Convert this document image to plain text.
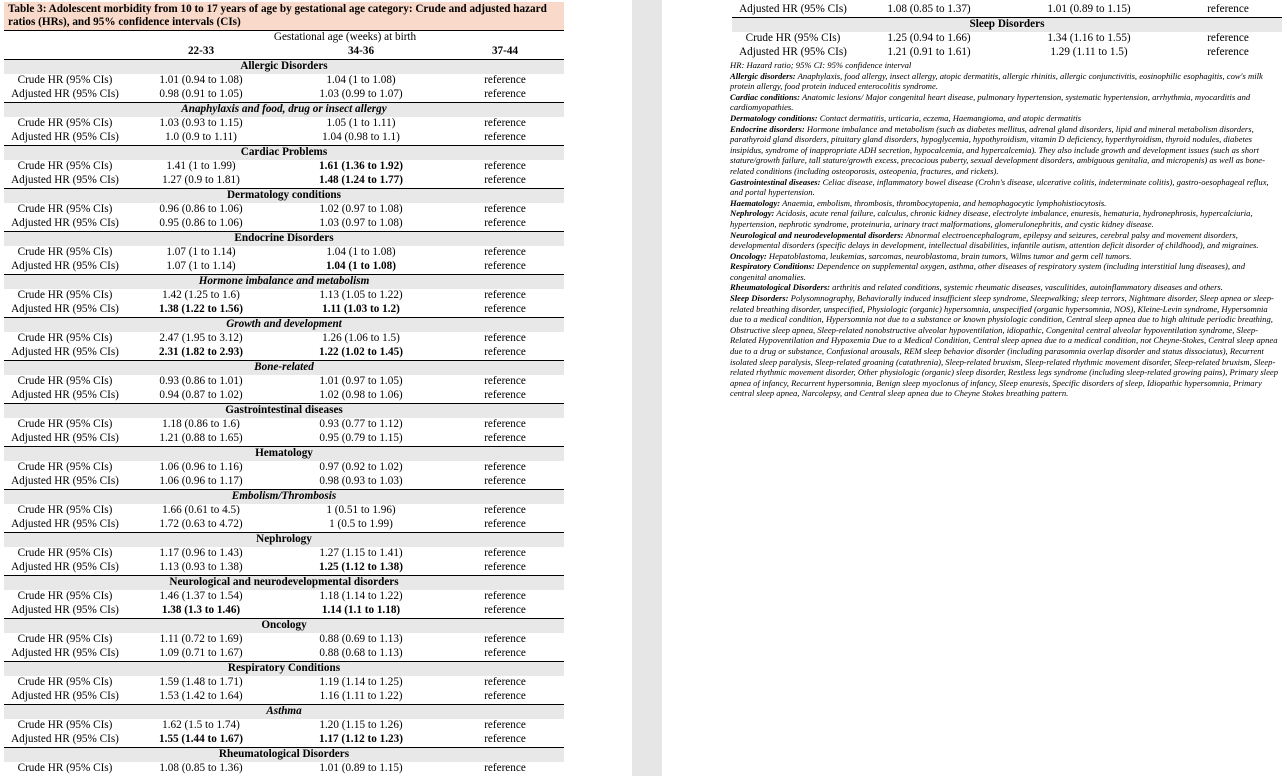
Table 3: Adolescent morbidity from 10 to 17 years of age by gestational age category: Crude and adjusted hazard ratios (HRs), and 95% confidence intervals (CIs)
	Gestational age (weeks) at birth		
	22-33	34-36	37-44
Allergic Disorders			
Crude HR (95% CIs)	1.01 (0.94 to 1.08)	1.04 (1 to 1.08)	reference
Adjusted HR (95% CIs)	0.98 (0.91 to 1.05)	1.03 (0.99 to 1.07)	reference
Anaphylaxis and food, drug or insect allergy			
Crude HR (95% CIs)	1.03 (0.93 to 1.15)	1.05 (1 to 1.11)	reference
Adjusted HR (95% CIs)	1.0 (0.9 to 1.11)	1.04 (0.98 to 1.1)	reference
Cardiac Problems			
Crude HR (95% CIs)	1.41 (1 to 1.99)	1.61 (1.36 to 1.92)	reference
Adjusted HR (95% CIs)	1.27 (0.9 to 1.81)	1.48 (1.24 to 1.77)	reference
Dermatology conditions			
Crude HR (95% CIs)	0.96 (0.86 to 1.06)	1.02 (0.97 to 1.08)	reference
Adjusted HR (95% CIs)	0.95 (0.86 to 1.06)	1.03 (0.97 to 1.08)	reference
Endocrine Disorders			
Crude HR (95% CIs)	1.07 (1 to 1.14)	1.04 (1 to 1.08)	reference
Adjusted HR (95% CIs)	1.07 (1 to 1.14)	1.04 (1 to 1.08)	reference
Hormone imbalance and metabolism			
Crude HR (95% CIs)	1.42 (1.25 to 1.6)	1.13 (1.05 to 1.22)	reference
Adjusted HR (95% CIs)	1.38 (1.22 to 1.56)	1.11 (1.03 to 1.2)	reference
Growth and development			
Crude HR (95% CIs)	2.47 (1.95 to 3.12)	1.26 (1.06 to 1.5)	reference
Adjusted HR (95% CIs)	2.31 (1.82 to 2.93)	1.22 (1.02 to 1.45)	reference
Bone-related			
Crude HR (95% CIs)	0.93 (0.86 to 1.01)	1.01 (0.97 to 1.05)	reference
Adjusted HR (95% CIs)	0.94 (0.87 to 1.02)	1.02 (0.98 to 1.06)	reference
Gastrointestinal diseases			
Crude HR (95% CIs)	1.18 (0.86 to 1.6)	0.93 (0.77 to 1.12)	reference
Adjusted HR (95% CIs)	1.21 (0.88 to 1.65)	0.95 (0.79 to 1.15)	reference
Hematology			
Crude HR (95% CIs)	1.06 (0.96 to 1.16)	0.97 (0.92 to 1.02)	reference
Adjusted HR (95% CIs)	1.06 (0.96 to 1.17)	0.98 (0.93 to 1.03)	reference
Embolism/Thrombosis			
Crude HR (95% CIs)	1.66 (0.61 to 4.5)	1 (0.51 to 1.96)	reference
Adjusted HR (95% CIs)	1.72 (0.63 to 4.72)	1 (0.5 to 1.99)	reference
Nephrology			
Crude HR (95% CIs)	1.17 (0.96 to 1.43)	1.27 (1.15 to 1.41)	reference
Adjusted HR (95% CIs)	1.13 (0.93 to 1.38)	1.25 (1.12 to 1.38)	reference
Neurological and neurodevelopmental disorders			
Crude HR (95% CIs)	1.46 (1.37 to 1.54)	1.18 (1.14 to 1.22)	reference
Adjusted HR (95% CIs)	1.38 (1.3 to 1.46)	1.14 (1.1 to 1.18)	reference
Oncology			
Crude HR (95% CIs)	1.11 (0.72 to 1.69)	0.88 (0.69 to 1.13)	reference
Adjusted HR (95% CIs)	1.09 (0.71 to 1.67)	0.88 (0.68 to 1.13)	reference
Respiratory Conditions			
Crude HR (95% CIs)	1.59 (1.48 to 1.71)	1.19 (1.14 to 1.25)	reference
Adjusted HR (95% CIs)	1.53 (1.42 to 1.64)	1.16 (1.11 to 1.22)	reference
Asthma			
Crude HR (95% CIs)	1.62 (1.5 to 1.74)	1.20 (1.15 to 1.26)	reference
Adjusted HR (95% CIs)	1.55 (1.44 to 1.67)	1.17 (1.12 to 1.23)	reference
Rheumatological Disorders			
Crude HR (95% CIs)	1.08 (0.85 to 1.36)	1.01 (0.89 to 1.15)	reference
Adjusted HR (95% CIs)	1.08 (0.85 to 1.37)	1.01 (0.89 to 1.15)	reference
Sleep Disorders			
Crude HR (95% CIs)	1.25 (0.94 to 1.66)	1.34 (1.16 to 1.55)	reference
Adjusted HR (95% CIs)	1.21 (0.91 to 1.61)	1.29 (1.11 to 1.5)	reference

HR: Hazard ratio; 95% CI: 95% confidence interval

Allergic disorders: Anaphylaxis, food allergy, insect allergy, atopic dermatitis, allergic rhinitis, allergic conjunctivitis, eosinophilic esophagitis, cow's milk protein allergy, food protein induced enterocolitis syndrome.

Cardiac conditions: Anatomic lesions/ Major congenital heart disease, pulmonary hypertension, systematic hypertension, arrhythmia, myocarditis and cardiomyopathies.

Dermatology conditions: Contact dermatitis, urticaria, eczema, Haemangioma, and atopic dermatitis

Endocrine disorders: Hormone imbalance and metabolism (such as diabetes mellitus, adrenal gland disorders, lipid and mineral metabolism disorders, parathyroid gland disorders, pituitary gland disorders, hypoglycemia, hypothyroidism, vitamin D deficiency, hyperthyroidism, thyroid nodules, diabetes insipidus, syndrome of inappropriate ADH secretion, hypocalcemia, and hypercalcemia). They also include growth and development issues (such as short stature/growth failure, tall stature/growth excess, precocious puberty, sexual development disorders, ambiguous genitalia, and micropenis) as well as bone-related conditions (including osteoporosis, osteopenia, fractures, and rickets).

Gastrointestinal diseases: Celiac disease, inflammatory bowel disease (Crohn's disease, ulcerative colitis, indeterminate colitis), gastro-oesophageal reflux, and portal hypertension.

Haematology: Anaemia, embolism, thrombosis, thrombocytopenia, and hemophagocytic lymphohistiocytosis.

Nephrology: Acidosis, acute renal failure, calculus, chronic kidney disease, electrolyte imbalance, enuresis, hematuria, hydronephrosis, hypercalciuria, hypertension, nephrotic syndrome, proteinuria, urinary tract malformations, glomerulonephritis, and cystic kidney disease.

Neurological and neurodevelopmental disorders: Abnormal electroencephalogram, epilepsy and seizures, cerebral palsy and movement disorders, developmental disorders (specific delays in development, intellectual disabilities, infantile autism, attention deficit disorder of childhood), and migraines.

Oncology: Hepatoblastoma, leukemias, sarcomas, neuroblastoma, brain tumors, Wilms tumor and germ cell tumors.

Respiratory Conditions: Dependence on supplemental oxygen, asthma, other diseases of respiratory system (including interstitial lung diseases), and congenital anomalies.

Rheumatological Disorders: arthritis and related conditions, systemic rheumatic diseases, vasculitides, autoinflammatory diseases and others.

Sleep Disorders: Polysomnography, Behaviorally induced insufficient sleep syndrome, Sleepwalking; sleep terrors, Nightmare disorder, Sleep apnea or sleep-related breathing disorder, unspecified, Physiologic (organic) hypersomnia, unspecified (organic hypersomnia, NOS), Kleine-Levin syndrome, Hypersomnia due to a medical condition, Hypersomnia not due to a substance or known physiologic condition, Central sleep apnea due to high altitude periodic breathing, Obstructive sleep apnea, Sleep-related nonobstructive alveolar hypoventilation, idiopathic, Congenital central alveolar hypoventilation syndrome, Sleep-Related Hypoventilation and Hypoxemia Due to a Medical Condition, Central sleep apnea due to a medical condition, not Cheyne-Stokes, Central sleep apnea due to a drug or substance, Confusional arousals, REM sleep behavior disorder (including parasomnia overlap disorder and status dissociatus), Recurrent isolated sleep paralysis, Sleep-related groaning (catathrenia), Sleep-related bruxism, Sleep-related rhythmic movement disorder, Sleep-related bruxism, Sleep-related rhythmic movement disorder, Other physiologic (organic) sleep disorder, Restless legs syndrome (including sleep-related growing pains), Primary sleep apnea of infancy, Recurrent hypersomnia, Benign sleep myoclonus of infancy, Sleep enuresis, Specific disorders of sleep, Idiopathic hypersomnia, Primary central sleep apnea, Narcolepsy, and Central sleep apnea due to Cheyne Stokes breathing pattern.
